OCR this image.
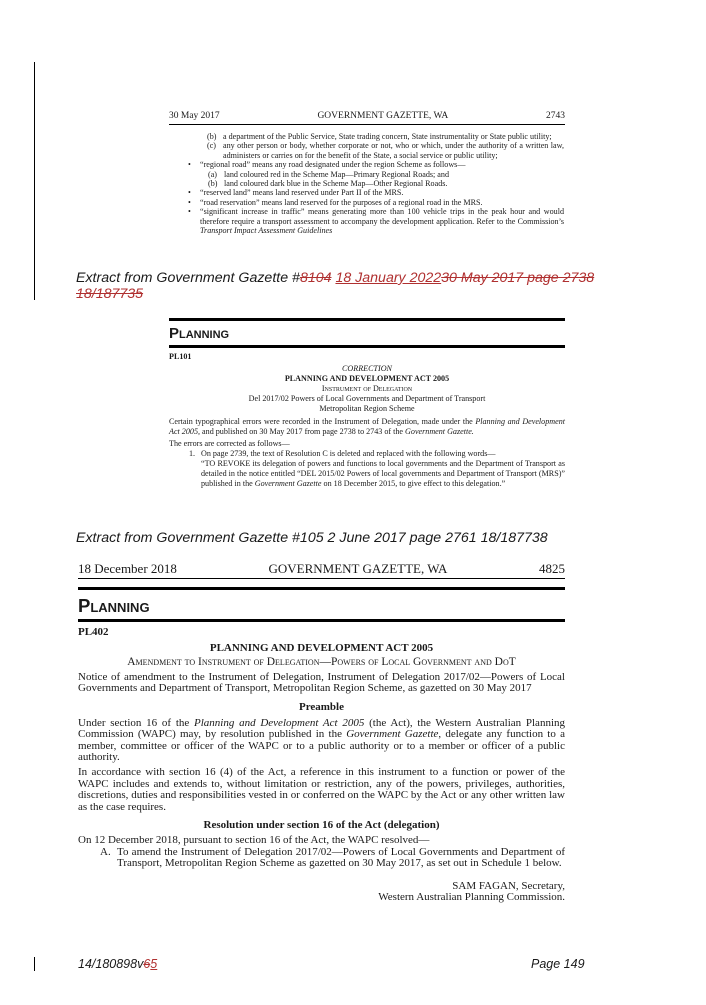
30 May 2017	GOVERNMENT GAZETTE, WA	2743
(b) a department of the Public Service, State trading concern, State instrumentality or State public utility;
(c) any other person or body, whether corporate or not, who or which, under the authority of a written law, administers or carries on for the benefit of the State, a social service or public utility;
• “regional road” means any road designated under the region Scheme as follows—
(a) land coloured red in the Scheme Map—Primary Regional Roads; and
(b) land coloured dark blue in the Scheme Map—Other Regional Roads.
• “reserved land” means land reserved under Part II of the MRS.
• “road reservation” means land reserved for the purposes of a regional road in the MRS.
• “significant increase in traffic” means generating more than 100 vehicle trips in the peak hour and would therefore require a transport assessment to accompany the development application. Refer to the Commission’s Transport Impact Assessment Guidelines
Extract from Government Gazette #8104 18 January 202230 May 2017 page 2738 18/187735
Planning

PL101

CORRECTION

PLANNING AND DEVELOPMENT ACT 2005

Instrument of Delegation

Del 2017/02 Powers of Local Governments and Department of Transport

Metropolitan Region Scheme

Certain typographical errors were recorded in the Instrument of Delegation, made under the Planning and Development Act 2005, and published on 30 May 2017 from page 2738 to 2743 of the Government Gazette.

The errors are corrected as follows—

1. On page 2739, the text of Resolution C is deleted and replaced with the following words—

“TO REVOKE its delegation of powers and functions to local governments and the Department of Transport as detailed in the notice entitled “DEL 2015/02 Powers of local governments and Department of Transport (MRS)” published in the Government Gazette on 18 December 2015, to give effect to this delegation.”

Extract from Government Gazette #105 2 June 2017 page 2761 18/187738
18 December 2018	GOVERNMENT GAZETTE, WA	4825
Planning

PL402

PLANNING AND DEVELOPMENT ACT 2005

Amendment to Instrument of Delegation—Powers of Local Government and DoT

Notice of amendment to the Instrument of Delegation, Instrument of Delegation 2017/02—Powers of Local Governments and Department of Transport, Metropolitan Region Scheme, as gazetted on 30 May 2017

Preamble

Under section 16 of the Planning and Development Act 2005 (the Act), the Western Australian Planning Commission (WAPC) may, by resolution published in the Government Gazette, delegate any function to a member, committee or officer of the WAPC or to a public authority or to a member or officer of a public authority.

In accordance with section 16 (4) of the Act, a reference in this instrument to a function or power of the WAPC includes and extends to, without limitation or restriction, any of the powers, privileges, authorities, discretions, duties and responsibilities vested in or conferred on the WAPC by the Act or any other written law as the case requires.

Resolution under section 16 of the Act (delegation)

On 12 December 2018, pursuant to section 16 of the Act, the WAPC resolved—

A. To amend the Instrument of Delegation 2017/02—Powers of Local Governments and Department of Transport, Metropolitan Region Scheme as gazetted on 30 May 2017, as set out in Schedule 1 below.

SAM FAGAN, Secretary,

Western Australian Planning Commission.

14/180898v65	Page 149
